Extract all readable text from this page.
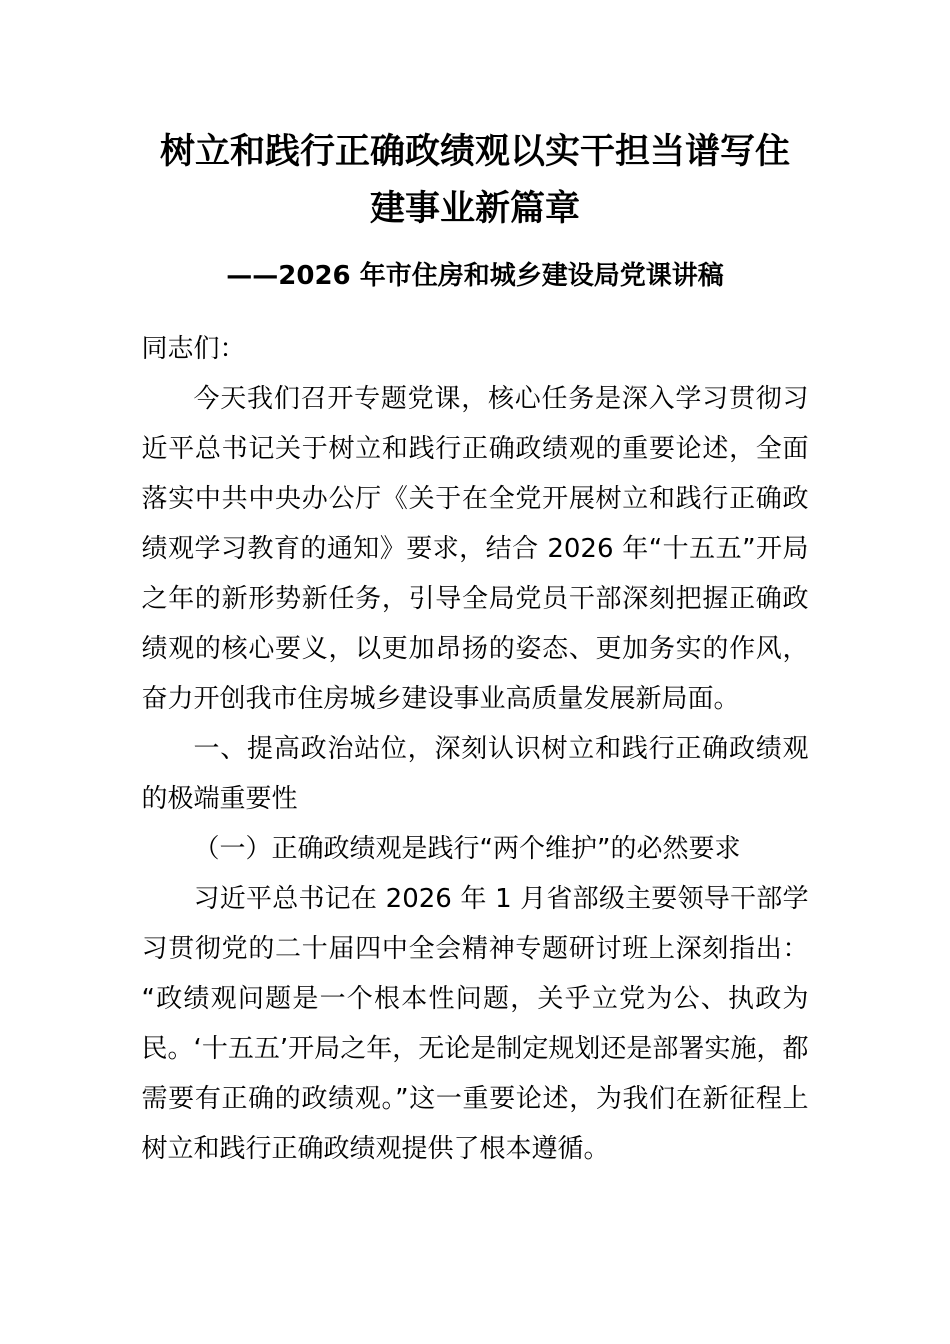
树立和践行正确政绩观以实干担当谱写住建事业新篇章
——2026 年市住房和城乡建设局党课讲稿

同志们：

今天我们召开专题党课，核心任务是深入学习贯彻习近平总书记关于树立和践行正确政绩观的重要论述，全面落实中共中央办公厅《关于在全党开展树立和践行正确政绩观学习教育的通知》要求，结合 2026 年“十五五”开局之年的新形势新任务，引导全局党员干部深刻把握正确政绩观的核心要义，以更加昂扬的姿态、更加务实的作风，奋力开创我市住房城乡建设事业高质量发展新局面。

一、提高政治站位，深刻认识树立和践行正确政绩观的极端重要性

（一）正确政绩观是践行“两个维护”的必然要求

习近平总书记在 2026 年 1 月省部级主要领导干部学习贯彻党的二十届四中全会精神专题研讨班上深刻指出：“政绩观问题是一个根本性问题，关乎立党为公、执政为民。‘十五五’开局之年，无论是制定规划还是部署实施，都需要有正确的政绩观。”这一重要论述，为我们在新征程上树立和践行正确政绩观提供了根本遵循。
